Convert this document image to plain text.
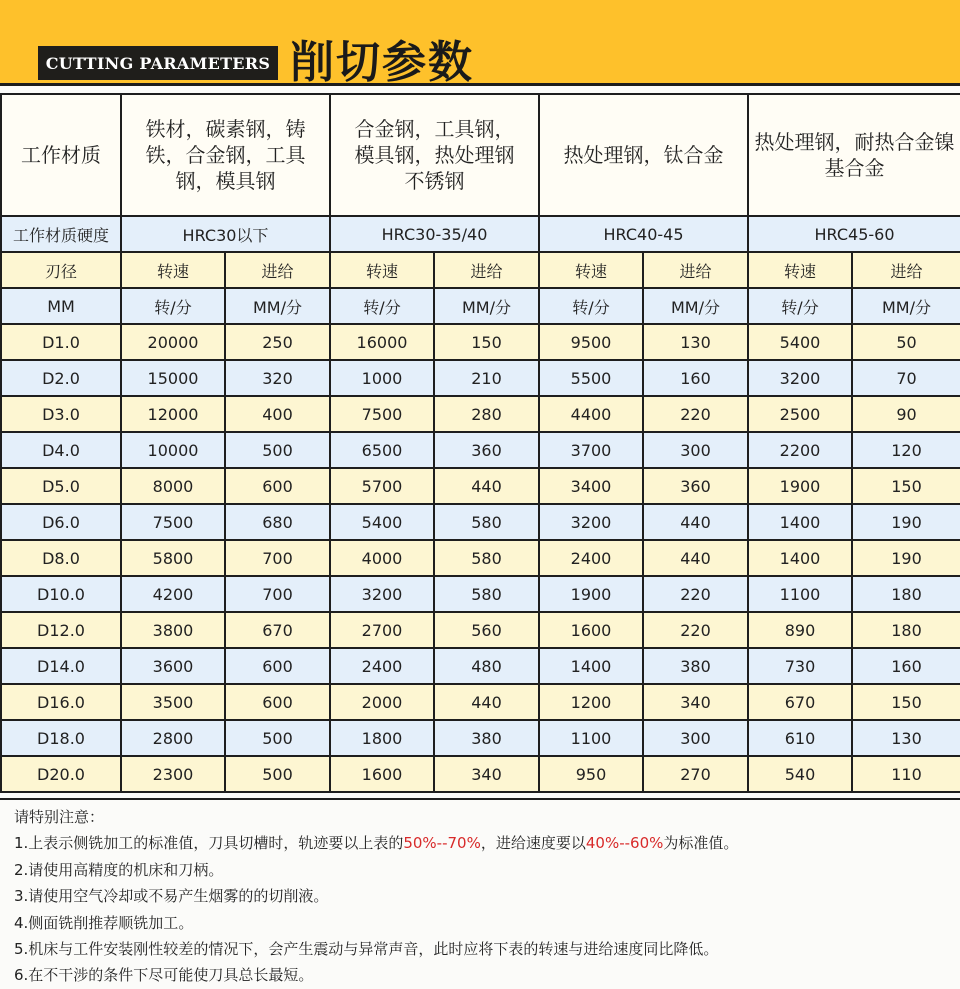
CUTTING PARAMETERS 削切参数
工作材质	铁材，碳素钢，铸铁，合金钢，工具钢，模具钢		合金钢，工具钢，模具钢，热处理钢不锈钢		热处理钢，钛合金		热处理钢，耐热合金镍基合金	

工作材质硬度	HRC30以下		HRC30-35/40		HRC40-45		HRC45-60	
刃径	转速	进给	转速	进给	转速	进给	转速	进给
MM	转/分	MM/分	转/分	MM/分	转/分	MM/分	转/分	MM/分
D1.0	20000	250	16000	150	9500	130	5400	50
D2.0	15000	320	1000	210	5500	160	3200	70
D3.0	12000	400	7500	280	4400	220	2500	90
D4.0	10000	500	6500	360	3700	300	2200	120
D5.0	8000	600	5700	440	3400	360	1900	150
D6.0	7500	680	5400	580	3200	440	1400	190
D8.0	5800	700	4000	580	2400	440	1400	190
D10.0	4200	700	3200	580	1900	220	1100	180
D12.0	3800	670	2700	560	1600	220	890	180
D14.0	3600	600	2400	480	1400	380	730	160
D16.0	3500	600	2000	440	1200	340	670	150
D18.0	2800	500	1800	380	1100	300	610	130
D20.0	2300	500	1600	340	950	270	540	110
请特别注意：
1.上表示侧铣加工的标准值，刀具切槽时，轨迹要以上表的50%--70%，进给速度要以40%--60%为标准值。
2.请使用高精度的机床和刀柄。
3.请使用空气冷却或不易产生烟雾的的切削液。
4.侧面铣削推荐顺铣加工。
5.机床与工件安装刚性较差的情况下，会产生震动与异常声音，此时应将下表的转速与进给速度同比降低。
6.在不干涉的条件下尽可能使刀具总长最短。
